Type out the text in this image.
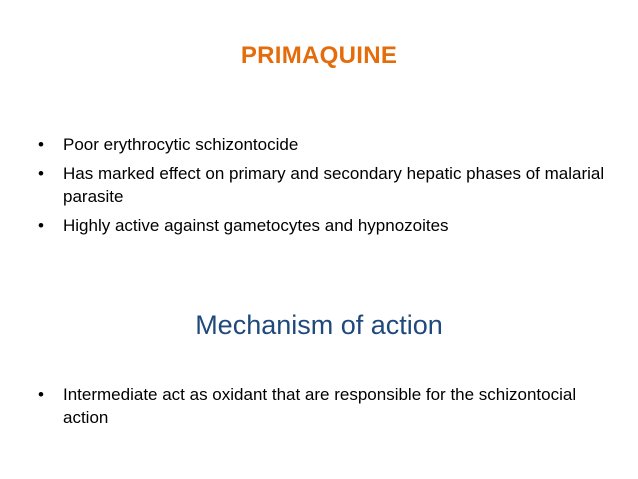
PRIMAQUINE
• Poor erythrocytic schizontocide
• Has marked effect on primary and secondary hepatic phases of malarial parasite
• Highly active against gametocytes and hypnozoites
Mechanism of action
• Intermediate act as oxidant that are responsible for the schizontocial action
